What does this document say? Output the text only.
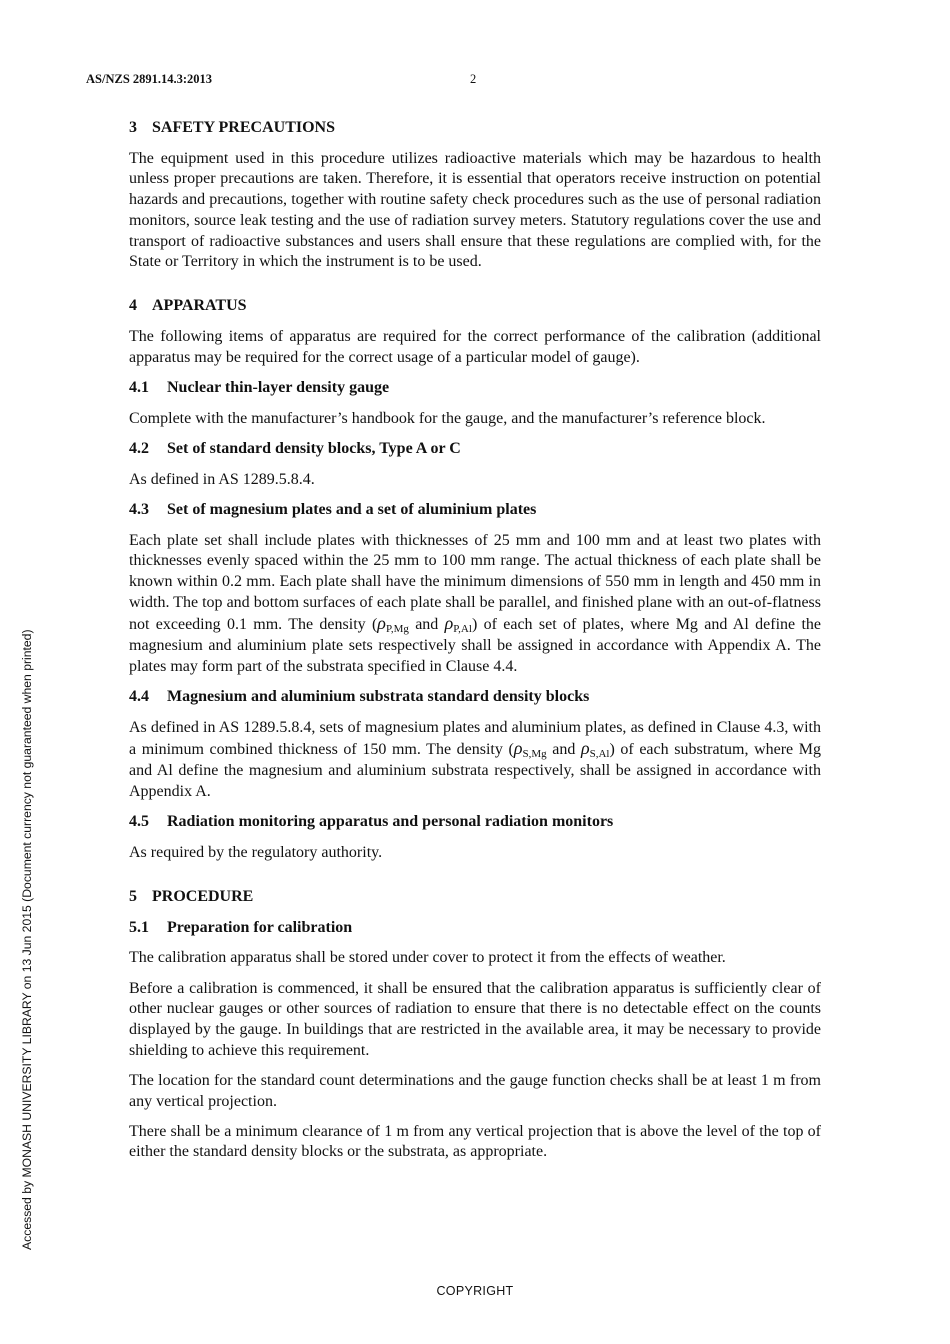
AS/NZS 2891.14.3:2013	2
Accessed by MONASH UNIVERSITY LIBRARY on 13 Jun 2015 (Document currency not guaranteed when printed)
3 SAFETY PRECAUTIONS

The equipment used in this procedure utilizes radioactive materials which may be hazardous to health unless proper precautions are taken. Therefore, it is essential that operators receive instruction on potential hazards and precautions, together with routine safety check procedures such as the use of personal radiation monitors, source leak testing and the use of radiation survey meters. Statutory regulations cover the use and transport of radioactive substances and users shall ensure that these regulations are complied with, for the State or Territory in which the instrument is to be used.

4 APPARATUS

The following items of apparatus are required for the correct performance of the calibration (additional apparatus may be required for the correct usage of a particular model of gauge).

4.1 Nuclear thin-layer density gauge

Complete with the manufacturer’s handbook for the gauge, and the manufacturer’s reference block.

4.2 Set of standard density blocks, Type A or C

As defined in AS 1289.5.8.4.

4.3 Set of magnesium plates and a set of aluminium plates

Each plate set shall include plates with thicknesses of 25 mm and 100 mm and at least two plates with thicknesses evenly spaced within the 25 mm to 100 mm range. The actual thickness of each plate shall be known within 0.2 mm. Each plate shall have the minimum dimensions of 550 mm in length and 450 mm in width. The top and bottom surfaces of each plate shall be parallel, and finished plane with an out-of-flatness not exceeding 0.1 mm. The density ($\rho_{P,Mg}$ and $\rho_{P,Al}$) of each set of plates, where Mg and Al define the magnesium and aluminium plate sets respectively shall be assigned in accordance with Appendix A. The plates may form part of the substrata specified in Clause 4.4.

4.4 Magnesium and aluminium substrata standard density blocks

As defined in AS 1289.5.8.4, sets of magnesium plates and aluminium plates, as defined in Clause 4.3, with a minimum combined thickness of 150 mm. The density ($\rho_{S,Mg}$ and $\rho_{S,Al}$) of each substratum, where Mg and Al define the magnesium and aluminium substrata respectively, shall be assigned in accordance with Appendix A.

4.5 Radiation monitoring apparatus and personal radiation monitors

As required by the regulatory authority.

5 PROCEDURE
5.1 Preparation for calibration

The calibration apparatus shall be stored under cover to protect it from the effects of weather.

Before a calibration is commenced, it shall be ensured that the calibration apparatus is sufficiently clear of other nuclear gauges or other sources of radiation to ensure that there is no detectable effect on the counts displayed by the gauge. In buildings that are restricted in the available area, it may be necessary to provide shielding to achieve this requirement.

The location for the standard count determinations and the gauge function checks shall be at least 1 m from any vertical projection.

There shall be a minimum clearance of 1 m from any vertical projection that is above the level of the top of either the standard density blocks or the substrata, as appropriate.

COPYRIGHT
